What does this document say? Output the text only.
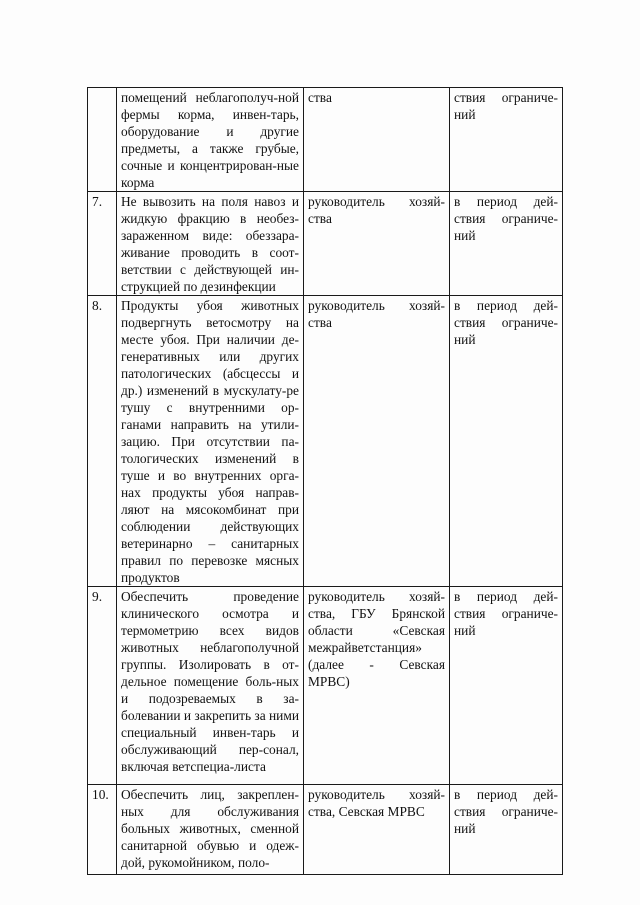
	помещений неблагополуч-ной фермы корма, инвен-тарь, оборудование и другие предметы, а также грубые, сочные и концентрирован-ные корма	ства	ствия ограниче-ний

7.	Не вывозить на поля навоз и жидкую фракцию в необез-зараженном виде: обеззара-живание проводить в соот-ветствии с действующей ин-струкцией по дезинфекции	руководитель хозяй-ства	в период дей-ствия ограниче-ний

8.	Продукты убоя животных подвергнуть ветосмотру на месте убоя. При наличии де-генеративных или других патологических (абсцессы и др.) изменений в мускулату-ре тушу с внутренними ор-ганами направить на утили-зацию. При отсутствии па-тологических изменений в туше и во внутренних орга-нах продукты убоя направ-ляют на мясокомбинат при соблюдении действующих ветеринарно – санитарных правил по перевозке мясных продуктов	руководитель хозяй-ства	в период дей-ствия ограниче-ний

9.	Обеспечить проведение клинического осмотра и термометрию всех видов животных неблагополучной группы. Изолировать в от-дельное помещение боль-ных и подозреваемых в за-болевании и закрепить за ними специальный инвен-тарь и обслуживающий пер-сонал, включая ветспециа-листа	руководитель хозяй-ства, ГБУ Брянской области «Севская межрайветстанция» (далее - Севская МРВС)	в период дей-ствия ограниче-ний

10.	Обеспечить лиц, закреплен-ных для обслуживания больных животных, сменной санитарной обувью и одеж-дой, рукомойником, поло-	руководитель хозяй-ства, Севская МРВС	в период дей-ствия ограниче-ний
